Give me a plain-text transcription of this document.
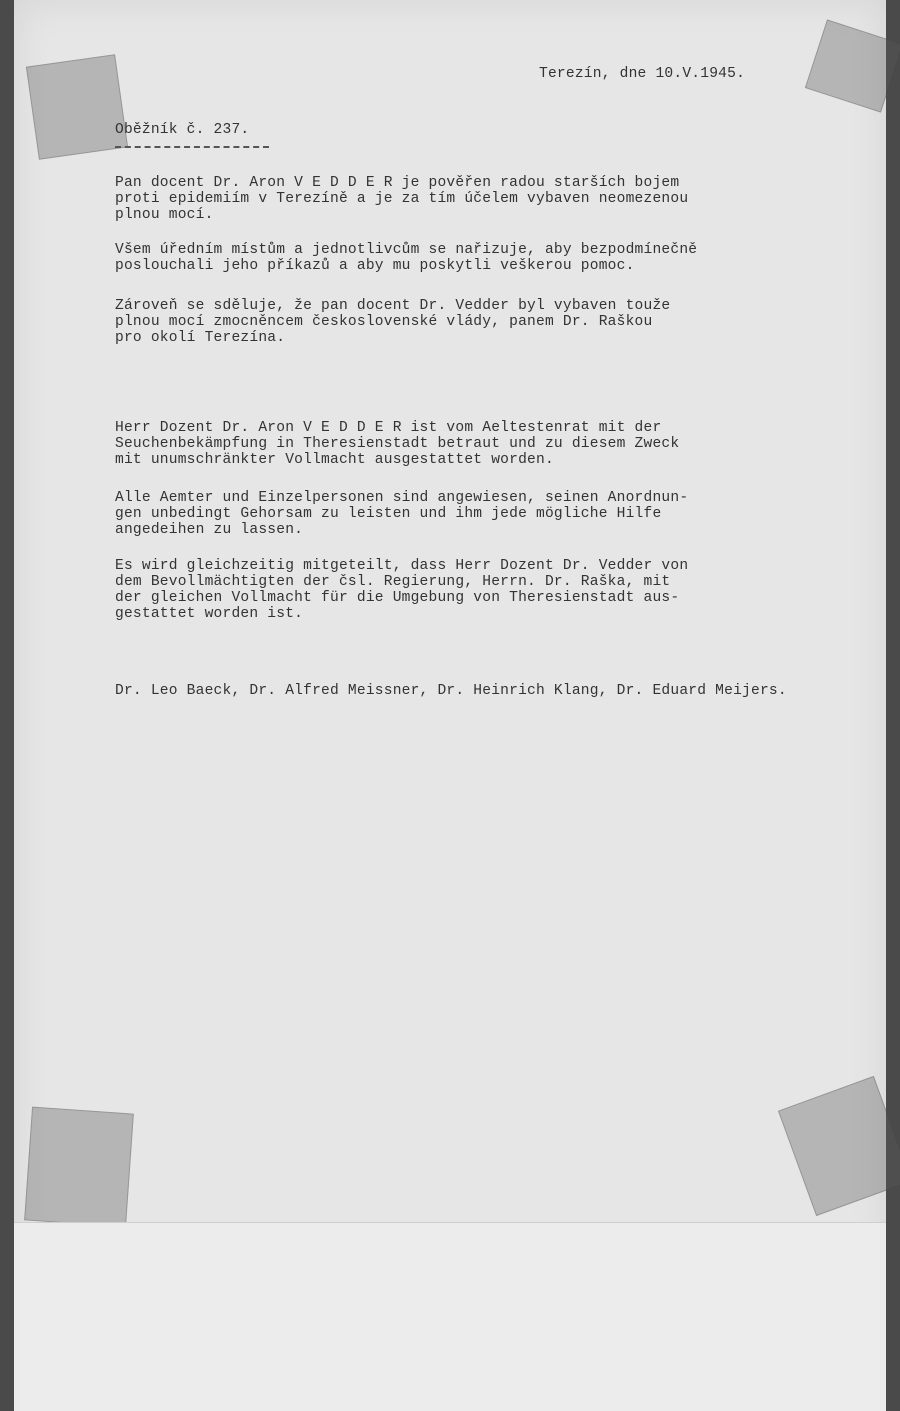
Terezín, dne 10.V.1945.
Oběžník č. 237.
Pan docent Dr. Aron V E D D E R je pověřen radou starších bojem
proti epidemiím v Terezíně a je za tím účelem vybaven neomezenou
plnou mocí.
Všem úředním místům a jednotlivcům se nařizuje, aby bezpodmínečně
poslouchali jeho příkazů a aby mu poskytli veškerou pomoc.
Zároveň se sděluje, že pan docent Dr. Vedder byl vybaven touže
plnou mocí zmocněncem československé vlády, panem Dr. Raškou
pro okolí Terezína.
Herr Dozent Dr. Aron V E D D E R ist vom Aeltestenrat mit der
Seuchenbekämpfung in Theresienstadt betraut und zu diesem Zweck
mit unumschränkter Vollmacht ausgestattet worden.
Alle Aemter und Einzelpersonen sind angewiesen, seinen Anordnun-
gen unbedingt Gehorsam zu leisten und ihm jede mögliche Hilfe
angedeihen zu lassen.
Es wird gleichzeitig mitgeteilt, dass Herr Dozent Dr. Vedder von
dem Bevollmächtigten der čsl. Regierung, Herrn. Dr. Raška, mit
der gleichen Vollmacht für die Umgebung von Theresienstadt aus-
gestattet worden ist.
Dr. Leo Baeck, Dr. Alfred Meissner, Dr. Heinrich Klang, Dr. Eduard Meijers.
